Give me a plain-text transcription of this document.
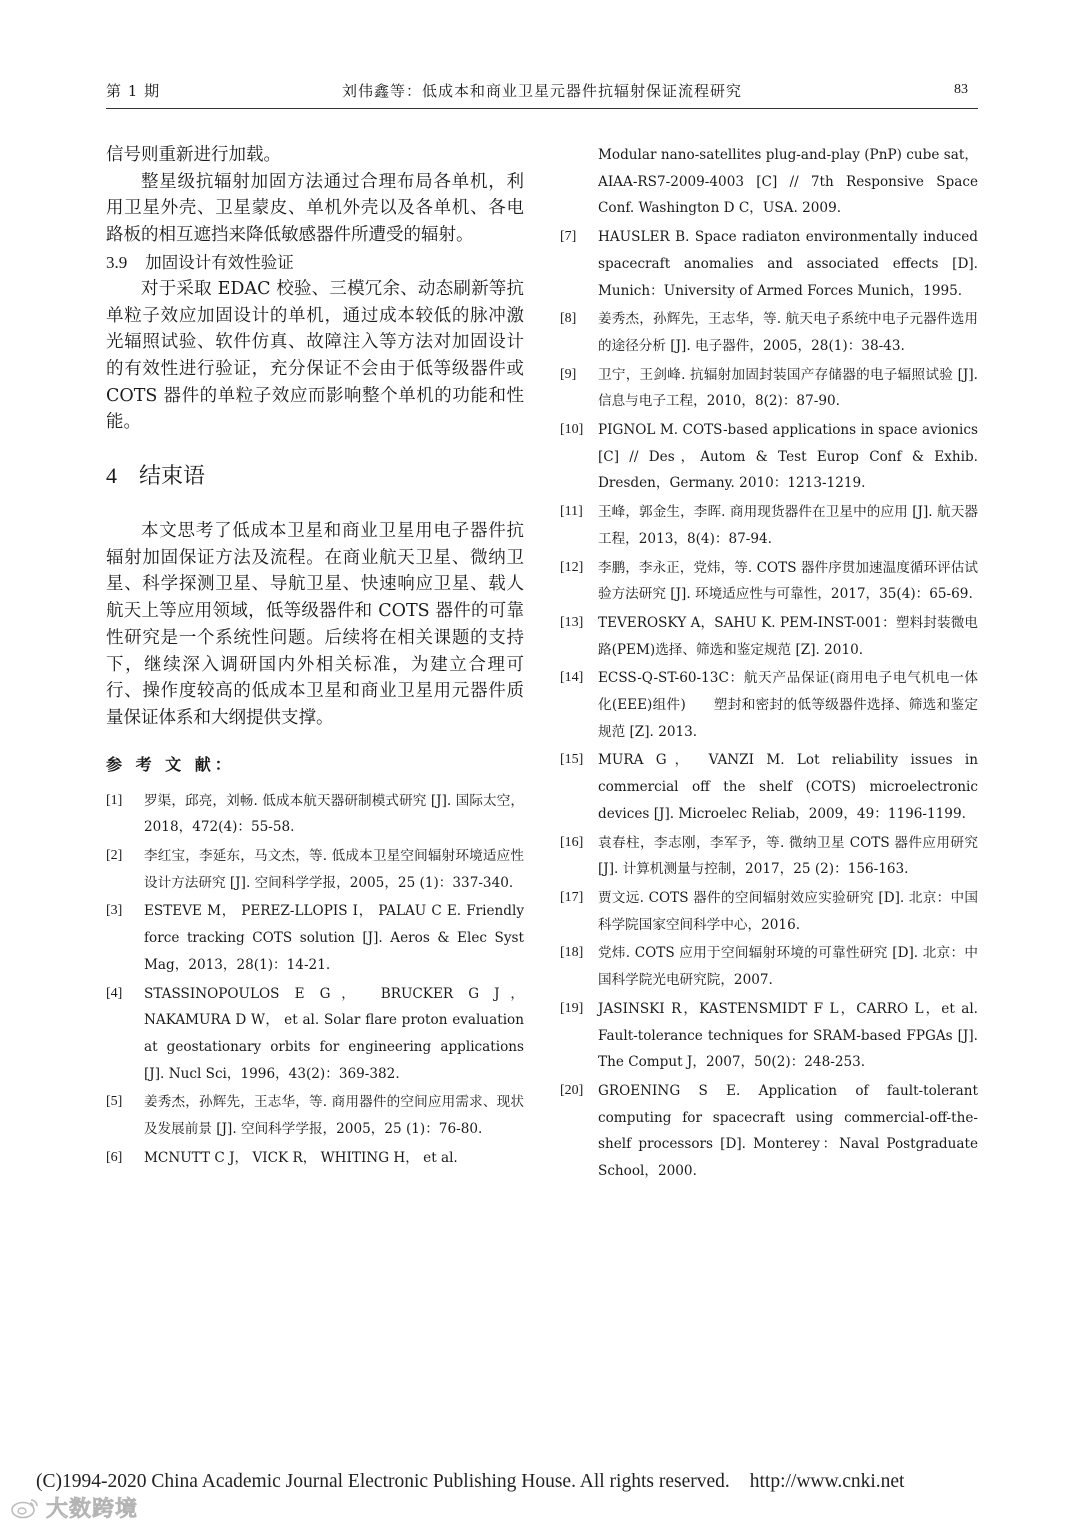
第 1 期	刘伟鑫等：低成本和商业卫星元器件抗辐射保证流程研究	83

信号则重新进行加载。

整星级抗辐射加固方法通过合理布局各单机，利用卫星外壳、卫星蒙皮、单机外壳以及各单机、各电路板的相互遮挡来降低敏感器件所遭受的辐射。

3.9 加固设计有效性验证

对于采取 EDAC 校验、三模冗余、动态刷新等抗单粒子效应加固设计的单机，通过成本较低的脉冲激光辐照试验、软件仿真、故障注入等方法对加固设计的有效性进行验证，充分保证不会由于低等级器件或 COTS 器件的单粒子效应而影响整个单机的功能和性能。

4 结束语

本文思考了低成本卫星和商业卫星用电子器件抗辐射加固保证方法及流程。在商业航天卫星、微纳卫星、科学探测卫星、导航卫星、快速响应卫星、载人航天上等应用领域，低等级器件和 COTS 器件的可靠性研究是一个系统性问题。后续将在相关课题的支持下，继续深入调研国内外相关标准，为建立合理可行、操作度较高的低成本卫星和商业卫星用元器件质量保证体系和大纲提供支撑。

参 考 文 献：
[1] 罗渠，邱亮，刘畅. 低成本航天器研制模式研究 [J]. 国际太空，2018，472(4)：55-58.
[2] 李红宝，李延东，马文杰，等. 低成本卫星空间辐射环境适应性设计方法研究 [J]. 空间科学学报，2005，25 (1)：337-340.
[3] ESTEVE M， PEREZ-LLOPIS I， PALAU C E. Friendly force tracking COTS solution [J]. Aeros & Elec Syst Mag，2013，28(1)：14-21.
[4] STASSINOPOULOS E G， BRUCKER G J， NAKAMURA D W， et al. Solar flare proton evaluation at geostationary orbits for engineering applications [J]. Nucl Sci，1996，43(2)：369-382.
[5] 姜秀杰，孙辉先，王志华，等. 商用器件的空间应用需求、现状及发展前景 [J]. 空间科学学报，2005，25 (1)：76-80.
[6] MCNUTT C J， VICK R， WHITING H， et al.
Modular nano-satellites plug-and-play (PnP) cube sat， AIAA-RS7-2009-4003 [C] // 7th Responsive Space Conf. Washington D C，USA. 2009.
[7] HAUSLER B. Space radiaton environmentally induced spacecraft anomalies and associated effects [D]. Munich：University of Armed Forces Munich，1995.
[8] 姜秀杰，孙辉先，王志华，等. 航天电子系统中电子元器件选用的途径分析 [J]. 电子器件，2005，28(1)：38-43.
[9] 卫宁，王剑峰. 抗辐射加固封装国产存储器的电子辐照试验 [J]. 信息与电子工程，2010，8(2)：87-90.
[10] PIGNOL M. COTS-based applications in space avionics [C] // Des，Autom & Test Europ Conf & Exhib. Dresden，Germany. 2010：1213-1219.
[11] 王峰，郭金生，李晖. 商用现货器件在卫星中的应用 [J]. 航天器工程，2013，8(4)：87-94.
[12] 李鹏，李永正，党炜，等. COTS 器件序贯加速温度循环评估试验方法研究 [J]. 环境适应性与可靠性，2017，35(4)：65-69.
[13] TEVEROSKY A，SAHU K. PEM-INST-001：塑料封装微电路(PEM)选择、筛选和鉴定规范 [Z]. 2010.
[14] ECSS-Q-ST-60-13C：航天产品保证(商用电子电气机电一体化(EEE)组件)　　塑封和密封的低等级器件选择、筛选和鉴定规范 [Z]. 2013.
[15] MURA G， VANZI M. Lot reliability issues in commercial off the shelf (COTS) microelectronic devices [J]. Microelec Reliab，2009，49：1196-1199.
[16] 袁春柱，李志刚，李军予，等. 微纳卫星 COTS 器件应用研究 [J]. 计算机测量与控制，2017，25 (2)：156-163.
[17] 贾文远. COTS 器件的空间辐射效应实验研究 [D]. 北京：中国科学院国家空间科学中心，2016.
[18] 党炜. COTS 应用于空间辐射环境的可靠性研究 [D]. 北京：中国科学院光电研究院，2007.
[19] JASINSKI R，KASTENSMIDT F L，CARRO L，et al. Fault-tolerance techniques for SRAM-based FPGAs [J]. The Comput J，2007，50(2)：248-253.
[20] GROENING S E. Application of fault-tolerant computing for spacecraft using commercial-off-the-shelf processors [D]. Monterey：Naval Postgraduate School，2000.
(C)1994-2020 China Academic Journal Electronic Publishing House. All rights reserved. http://www.cnki.net
大数跨境
